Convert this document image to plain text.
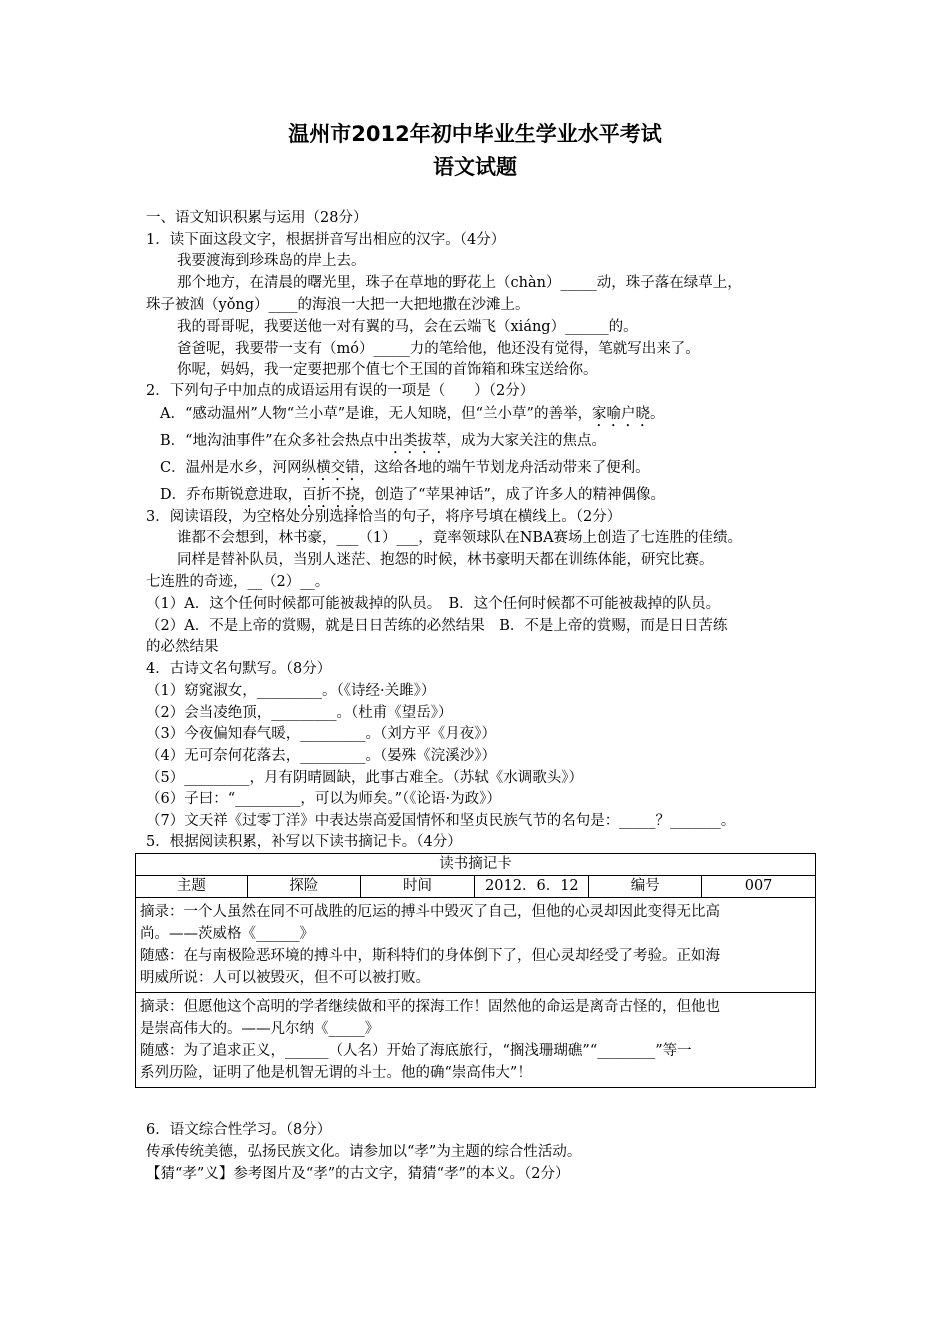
温州市2012年初中毕业生学业水平考试
语文试题
一、语文知识积累与运用（28分）
1．读下面这段文字，根据拼音写出相应的汉字。（4分）
我要渡海到珍珠岛的岸上去。
那个地方，在清晨的曙光里，珠子在草地的野花上（chàn）_____动，珠子落在绿草上，
珠子被汹（yǒng）____的海浪一大把一大把地撒在沙滩上。
我的哥哥呢，我要送他一对有翼的马，会在云端飞（xiáng）______的。
爸爸呢，我要带一支有（mó）_____力的笔给他，他还没有觉得，笔就写出来了。
你呢，妈妈，我一定要把那个值七个王国的首饰箱和珠宝送给你。
2．下列句子中加点的成语运用有误的一项是（　　）（2分）
A．“感动温州”人物“兰小草”是谁，无人知晓，但“兰小草”的善举，家喻户晓。
B．“地沟油事件”在众多社会热点中出类拔萃，成为大家关注的焦点。
C．温州是水乡，河网纵横交错，这给各地的端午节划龙舟活动带来了便利。
D．乔布斯锐意进取，百折不挠，创造了“苹果神话”，成了许多人的精神偶像。
3．阅读语段，为空格处分别选择恰当的句子，将序号填在横线上。（2分）
谁都不会想到，林书豪，___（1）___，竟率领球队在NBA赛场上创造了七连胜的佳绩。
同样是替补队员，当别人迷茫、抱怨的时候，林书豪明天都在训练体能，研究比赛。
七连胜的奇迹，__（2）__。
（1）A．这个任何时候都可能被裁掉的队员。　B．这个任何时候都不可能被裁掉的队员。
（2）A．不是上帝的赏赐，就是日日苦练的必然结果　B．不是上帝的赏赐，而是日日苦练
的必然结果
4．古诗文名句默写。（8分）
（1）窈窕淑女，_________。（《诗经·关雎》）
（2）会当凌绝顶，_________。（杜甫《望岳》）
（3）今夜偏知春气暖，_________。（刘方平《月夜》）
（4）无可奈何花落去，_________。（晏殊《浣溪沙》）
（5）_________，月有阴晴圆缺，此事古难全。（苏轼《水调歌头》）
（6）子曰：“_________，可以为师矣。”（《论语·为政》）
（7）文天祥《过零丁洋》中表达崇高爱国情怀和坚贞民族气节的名句是：_____？_______。
5．根据阅读积累，补写以下读书摘记卡。（4分）
读书摘记卡
主题	探险	时间	2012．6．12	编号	007

摘录：一个人虽然在同不可战胜的厄运的搏斗中毁灭了自己，但他的心灵却因此变得无比高
尚。——茨威格《______》
随感：在与南极险恶环境的搏斗中，斯科特们的身体倒下了，但心灵却经受了考验。正如海
明威所说：人可以被毁灭，但不可以被打败。

摘录：但愿他这个高明的学者继续做和平的探海工作！固然他的命运是离奇古怪的，但他也
是崇高伟大的。——凡尔纳《_____》
随感：为了追求正义，______（人名）开始了海底旅行，“搁浅珊瑚礁”“________”等一
系列历险，证明了他是机智无谓的斗士。他的确“崇高伟大”！
6．语文综合性学习。（8分）
传承传统美德，弘扬民族文化。请参加以“孝”为主题的综合性活动。
【猜“孝”义】参考图片及“孝”的古文字，猜猜“孝”的本义。（2分）
